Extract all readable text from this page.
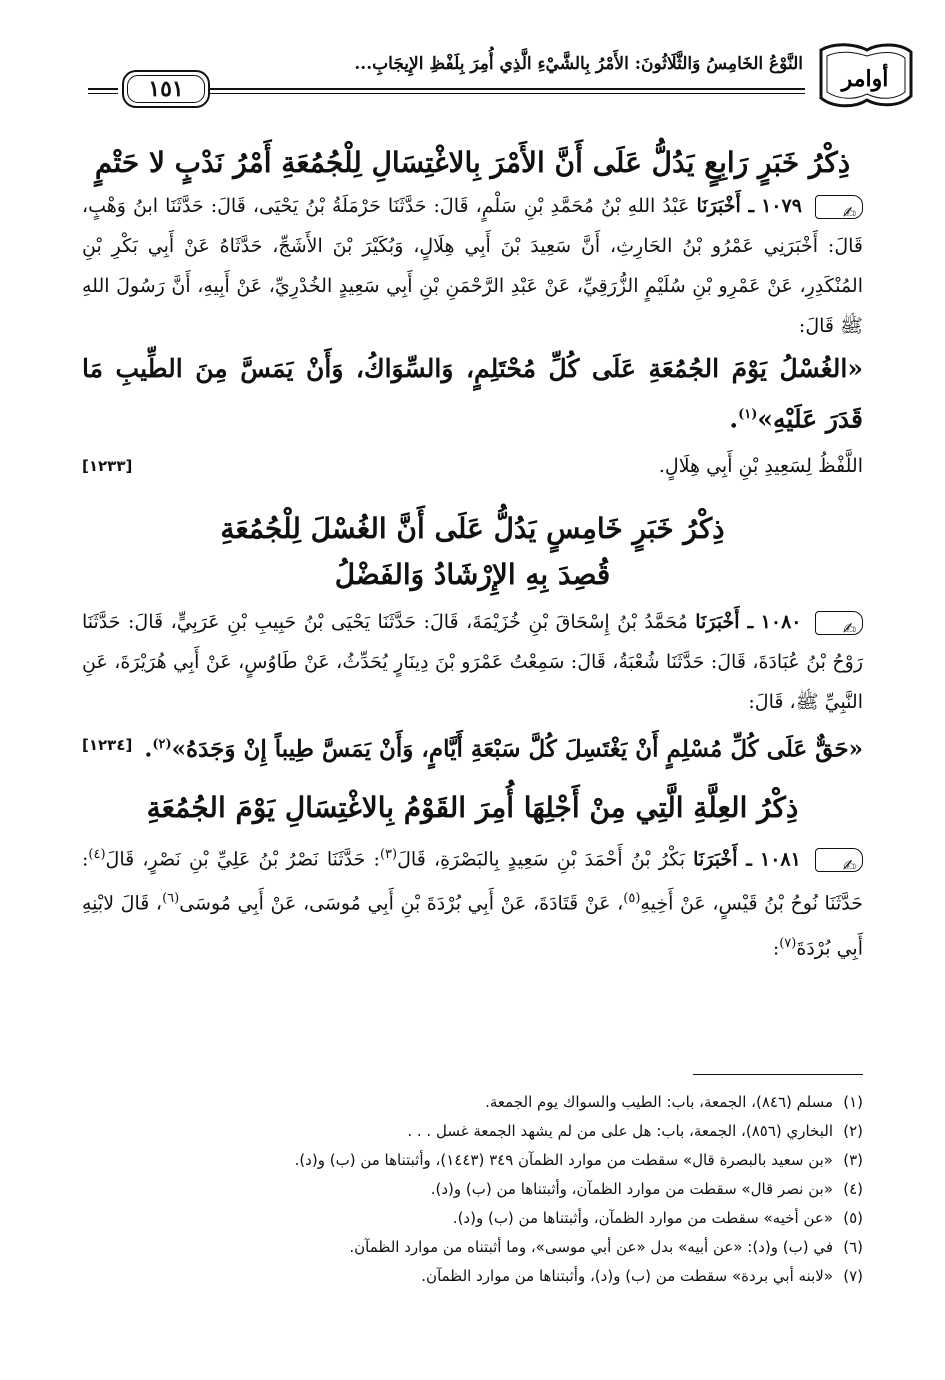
أوامر
النَّوْعُ الخَامِسُ وَالثَّلَاثُونَ: الأَمْرُ بِالشَّيْءِ الَّذِي أُمِرَ بِلَفْظِ الإِيجَابِ...
١٥١
ذِكْرُ خَبَرٍ رَابِعٍ يَدُلُّ عَلَى أَنَّ الأَمْرَ بِالاغْتِسَالِ لِلْجُمُعَةِ أَمْرُ نَدْبٍ لا حَتْمٍ

✍ ١٠٧٩ ـ أَخْبَرَنَا عَبْدُ اللهِ بْنُ مُحَمَّدِ بْنِ سَلْمٍ، قَالَ: حَدَّثَنَا حَرْمَلَةُ بْنُ يَحْيَى، قَالَ: حَدَّثَنَا ابنُ وَهْبٍ، قَالَ: أَخْبَرَنِي عَمْرُو بْنُ الحَارِثِ، أَنَّ سَعِيدَ بْنَ أَبِي هِلَالٍ، وَبُكَيْرَ بْنَ الأَشَجِّ، حَدَّثَاهُ عَنْ أَبِي بَكْرِ بْنِ المُنْكَدِرِ، عَنْ عَمْرِو بْنِ سُلَيْمٍ الزُّرَقِيِّ، عَنْ عَبْدِ الرَّحْمَنِ بْنِ أَبِي سَعِيدٍ الخُدْرِيِّ، عَنْ أَبِيهِ، أَنَّ رَسُولَ اللهِ ﷺ قَالَ:

«الغُسْلُ يَوْمَ الجُمُعَةِ عَلَى كُلِّ مُحْتَلِمٍ، وَالسِّوَاكُ، وَأَنْ يَمَسَّ مِنَ الطِّيبِ مَا قَدَرَ عَلَيْهِ»$^{(١)}$.

اللَّفْظُ لِسَعِيدِ بْنِ أَبِي هِلَالٍ.
[١٢٣٣]

ذِكْرُ خَبَرٍ خَامِسٍ يَدُلُّ عَلَى أَنَّ الغُسْلَ لِلْجُمُعَةِ
قُصِدَ بِهِ الإِرْشَادُ وَالفَضْلُ

✍ ١٠٨٠ ـ أَخْبَرَنَا مُحَمَّدُ بْنُ إِسْحَاقَ بْنِ خُزَيْمَةَ، قَالَ: حَدَّثَنَا يَحْيَى بْنُ حَبِيبِ بْنِ عَرَبِيٍّ، قَالَ: حَدَّثَنَا رَوْحُ بْنُ عُبَادَةَ، قَالَ: حَدَّثَنَا شُعْبَةُ، قَالَ: سَمِعْتُ عَمْرَو بْنَ دِينَارٍ يُحَدِّثُ، عَنْ طَاوُسٍ، عَنْ أَبِي هُرَيْرَةَ، عَنِ النَّبِيِّ ﷺ، قَالَ:

«حَقٌّ عَلَى كُلِّ مُسْلِمٍ أَنْ يَغْتَسِلَ كُلَّ سَبْعَةِ أَيَّامٍ، وَأَنْ يَمَسَّ طِيباً إِنْ وَجَدَهُ»$^{(٢)}$.
[١٢٣٤]

ذِكْرُ العِلَّةِ الَّتِي مِنْ أَجْلِهَا أُمِرَ القَوْمُ بِالاغْتِسَالِ يَوْمَ الجُمُعَةِ

✍ ١٠٨١ ـ أَخْبَرَنَا بَكْرُ بْنُ أَحْمَدَ بْنِ سَعِيدٍ بِالبَصْرَةِ، قَالَ$^{(٣)}$: حَدَّثَنَا نَصْرُ بْنُ عَلِيِّ بْنِ نَصْرٍ، قَالَ$^{(٤)}$: حَدَّثَنَا نُوحُ بْنُ قَيْسٍ، عَنْ أَخِيهِ$^{(٥)}$، عَنْ قَتَادَةَ، عَنْ أَبِي بُرْدَةَ بْنِ أَبِي مُوسَى، عَنْ أَبِي مُوسَى$^{(٦)}$، قَالَ لابْنِهِ أَبِي بُرْدَةَ$^{(٧)}$:

(١)مسلم (٨٤٦)، الجمعة، باب: الطيب والسواك يوم الجمعة.

(٢)البخاري (٨٥٦)، الجمعة، باب: هل على من لم يشهد الجمعة غسل . . .

(٣)«بن سعيد بالبصرة قال» سقطت من موارد الظمآن ٣٤٩ (١٤٤٣)، وأثبتناها من (ب) و(د).

(٤)«بن نصر قال» سقطت من موارد الظمآن، وأثبتناها من (ب) و(د).

(٥)«عن أخيه» سقطت من موارد الظمآن، وأثبتناها من (ب) و(د).

(٦)في (ب) و(د): «عن أبيه» بدل «عن أبي موسى»، وما أثبتناه من موارد الظمآن.

(٧)«لابنه أبي بردة» سقطت من (ب) و(د)، وأثبتناها من موارد الظمآن.
